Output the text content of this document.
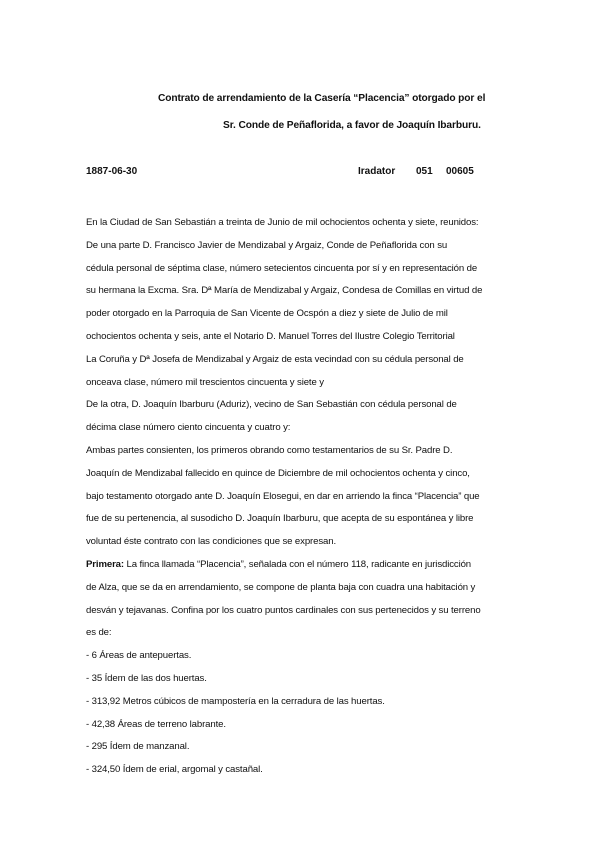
Contrato de arrendamiento de la Casería “Placencia” otorgado por el
Sr. Conde de Peñaflorida, a favor de Joaquín Ibarburu.
1887-06-30	Iradator 051 00605
En la Ciudad de San Sebastián a treinta de Junio de mil ochocientos ochenta y siete, reunidos:
De una parte D. Francisco Javier de Mendizabal y Argaiz, Conde de Peñaflorida con su
cédula personal de séptima clase, número setecientos cincuenta por sí y en representación de
su hermana la Excma. Sra. Dª María de Mendizabal y Argaiz, Condesa de Comillas en virtud de
poder otorgado en la Parroquia de San Vicente de Ocspón a diez y siete de Julio de mil
ochocientos ochenta y seis, ante el Notario D. Manuel Torres del Ilustre Colegio Territorial
La Coruña y Dª Josefa de Mendizabal y Argaiz de esta vecindad con su cédula personal de
onceava clase, número mil trescientos cincuenta y siete y
De la otra, D. Joaquín Ibarburu (Aduriz), vecino de San Sebastián con cédula personal de
décima clase número ciento cincuenta y cuatro y:
Ambas partes consienten, los primeros obrando como testamentarios de su Sr. Padre D.
Joaquín de Mendizabal fallecido en quince de Diciembre de mil ochocientos ochenta y cinco,
bajo testamento otorgado ante D. Joaquín Elosegui, en dar en arriendo la finca “Placencia” que
fue de su pertenencia, al susodicho D. Joaquín Ibarburu, que acepta de su espontánea y libre
voluntad éste contrato con las condiciones que se expresan.
Primera: La finca llamada “Placencia”, señalada con el número 118, radicante en jurisdicción
de Alza, que se da en arrendamiento, se compone de planta baja con cuadra una habitación y
desván y tejavanas. Confina por los cuatro puntos cardinales con sus pertenecidos y su terreno
es de:
- 6 Áreas de antepuertas.
- 35 Ídem de las dos huertas.
- 313,92 Metros cúbicos de mampostería en la cerradura de las huertas.
- 42,38 Áreas de terreno labrante.
- 295 Ídem de manzanal.
- 324,50 Ídem de erial, argomal y castañal.
